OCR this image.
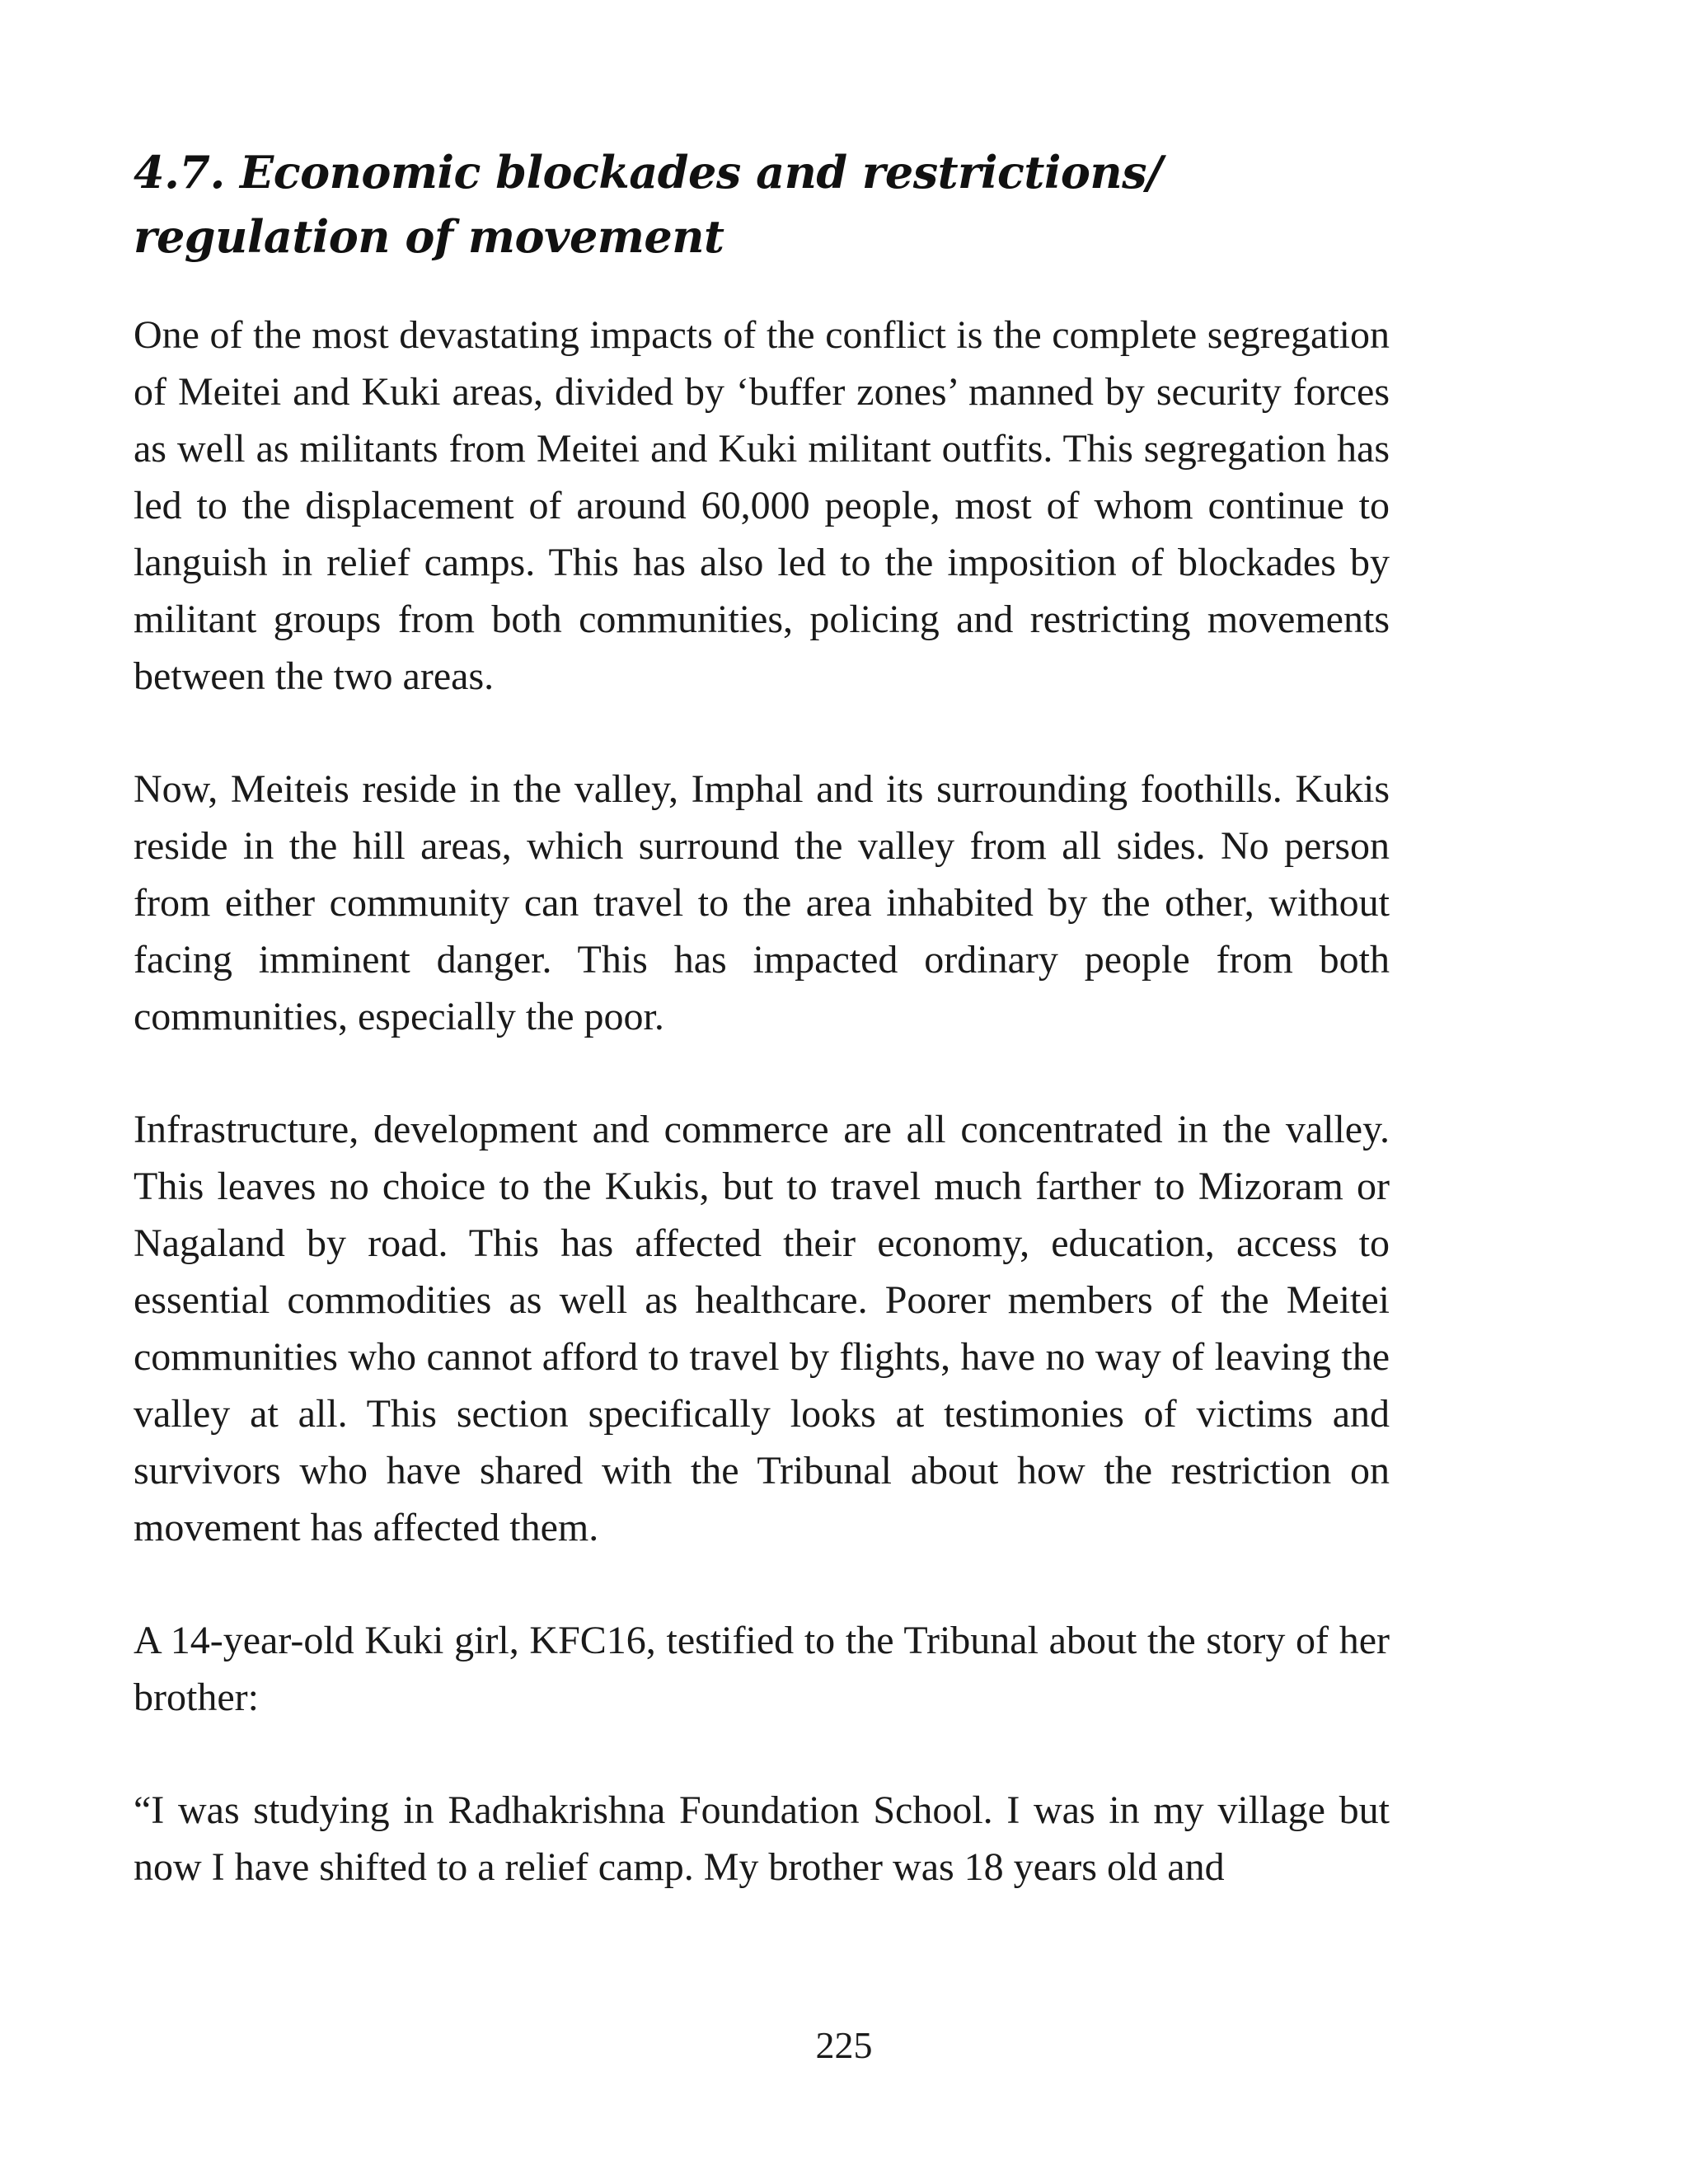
4.7. Economic blockades and restrictions/ regulation of movement

One of the most devastating impacts of the conflict is the complete segregation of Meitei and Kuki areas, divided by ‘buffer zones’ manned by security forces as well as militants from Meitei and Kuki militant outfits. This segregation has led to the displacement of around 60,000 people, most of whom continue to languish in relief camps. This has also led to the imposition of blockades by militant groups from both communities, policing and restricting movements between the two areas.

Now, Meiteis reside in the valley, Imphal and its surrounding foothills. Kukis reside in the hill areas, which surround the valley from all sides. No person from either community can travel to the area inhabited by the other, without facing imminent danger. This has impacted ordinary people from both communities, especially the poor.

Infrastructure, development and commerce are all concentrated in the valley. This leaves no choice to the Kukis, but to travel much farther to Mizoram or Nagaland by road. This has affected their economy, education, access to essential commodities as well as healthcare. Poorer members of the Meitei communities who cannot afford to travel by flights, have no way of leaving the valley at all. This section specifically looks at testimonies of victims and survivors who have shared with the Tribunal about how the restriction on movement has affected them.

A 14-year-old Kuki girl, KFC16, testified to the Tribunal about the story of her brother:

“I was studying in Radhakrishna Foundation School. I was in my village but now I have shifted to a relief camp. My brother was 18 years old and

225
